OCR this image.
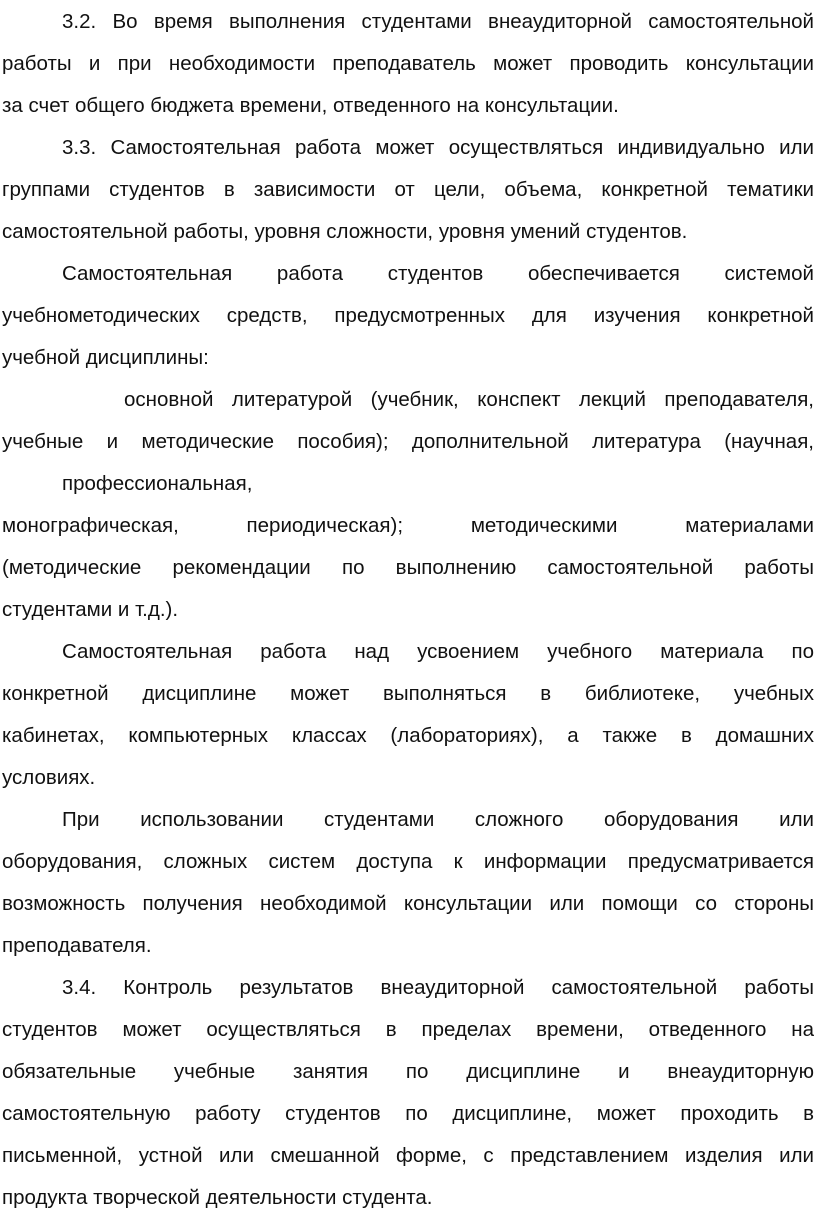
3.2. Во время выполнения студентами внеаудиторной самостоятельной
работы и при необходимости преподаватель может проводить консультации
за счет общего бюджета времени, отведенного на консультации.
3.3. Самостоятельная работа может осуществляться индивидуально или
группами студентов в зависимости от цели, объема, конкретной тематики
самостоятельной работы, уровня сложности, уровня умений студентов.
Самостоятельная работа студентов обеспечивается системой
учебнометодических средств, предусмотренных для изучения конкретной
учебной дисциплины:
основной литературой (учебник, конспект лекций преподавателя,
учебные и методические пособия); дополнительной литература (научная,
профессиональная,
монографическая, периодическая); методическими материалами
(методические рекомендации по выполнению самостоятельной работы
студентами и т.д.).
Самостоятельная работа над усвоением учебного материала по
конкретной дисциплине может выполняться в библиотеке, учебных
кабинетах, компьютерных классах (лабораториях), а также в домашних
условиях.
При использовании студентами сложного оборудования или
оборудования, сложных систем доступа к информации предусматривается
возможность получения необходимой консультации или помощи со стороны
преподавателя.
3.4. Контроль результатов внеаудиторной самостоятельной работы
студентов может осуществляться в пределах времени, отведенного на
обязательные учебные занятия по дисциплине и внеаудиторную
самостоятельную работу студентов по дисциплине, может проходить в
письменной, устной или смешанной форме, с представлением изделия или
продукта творческой деятельности студента.
